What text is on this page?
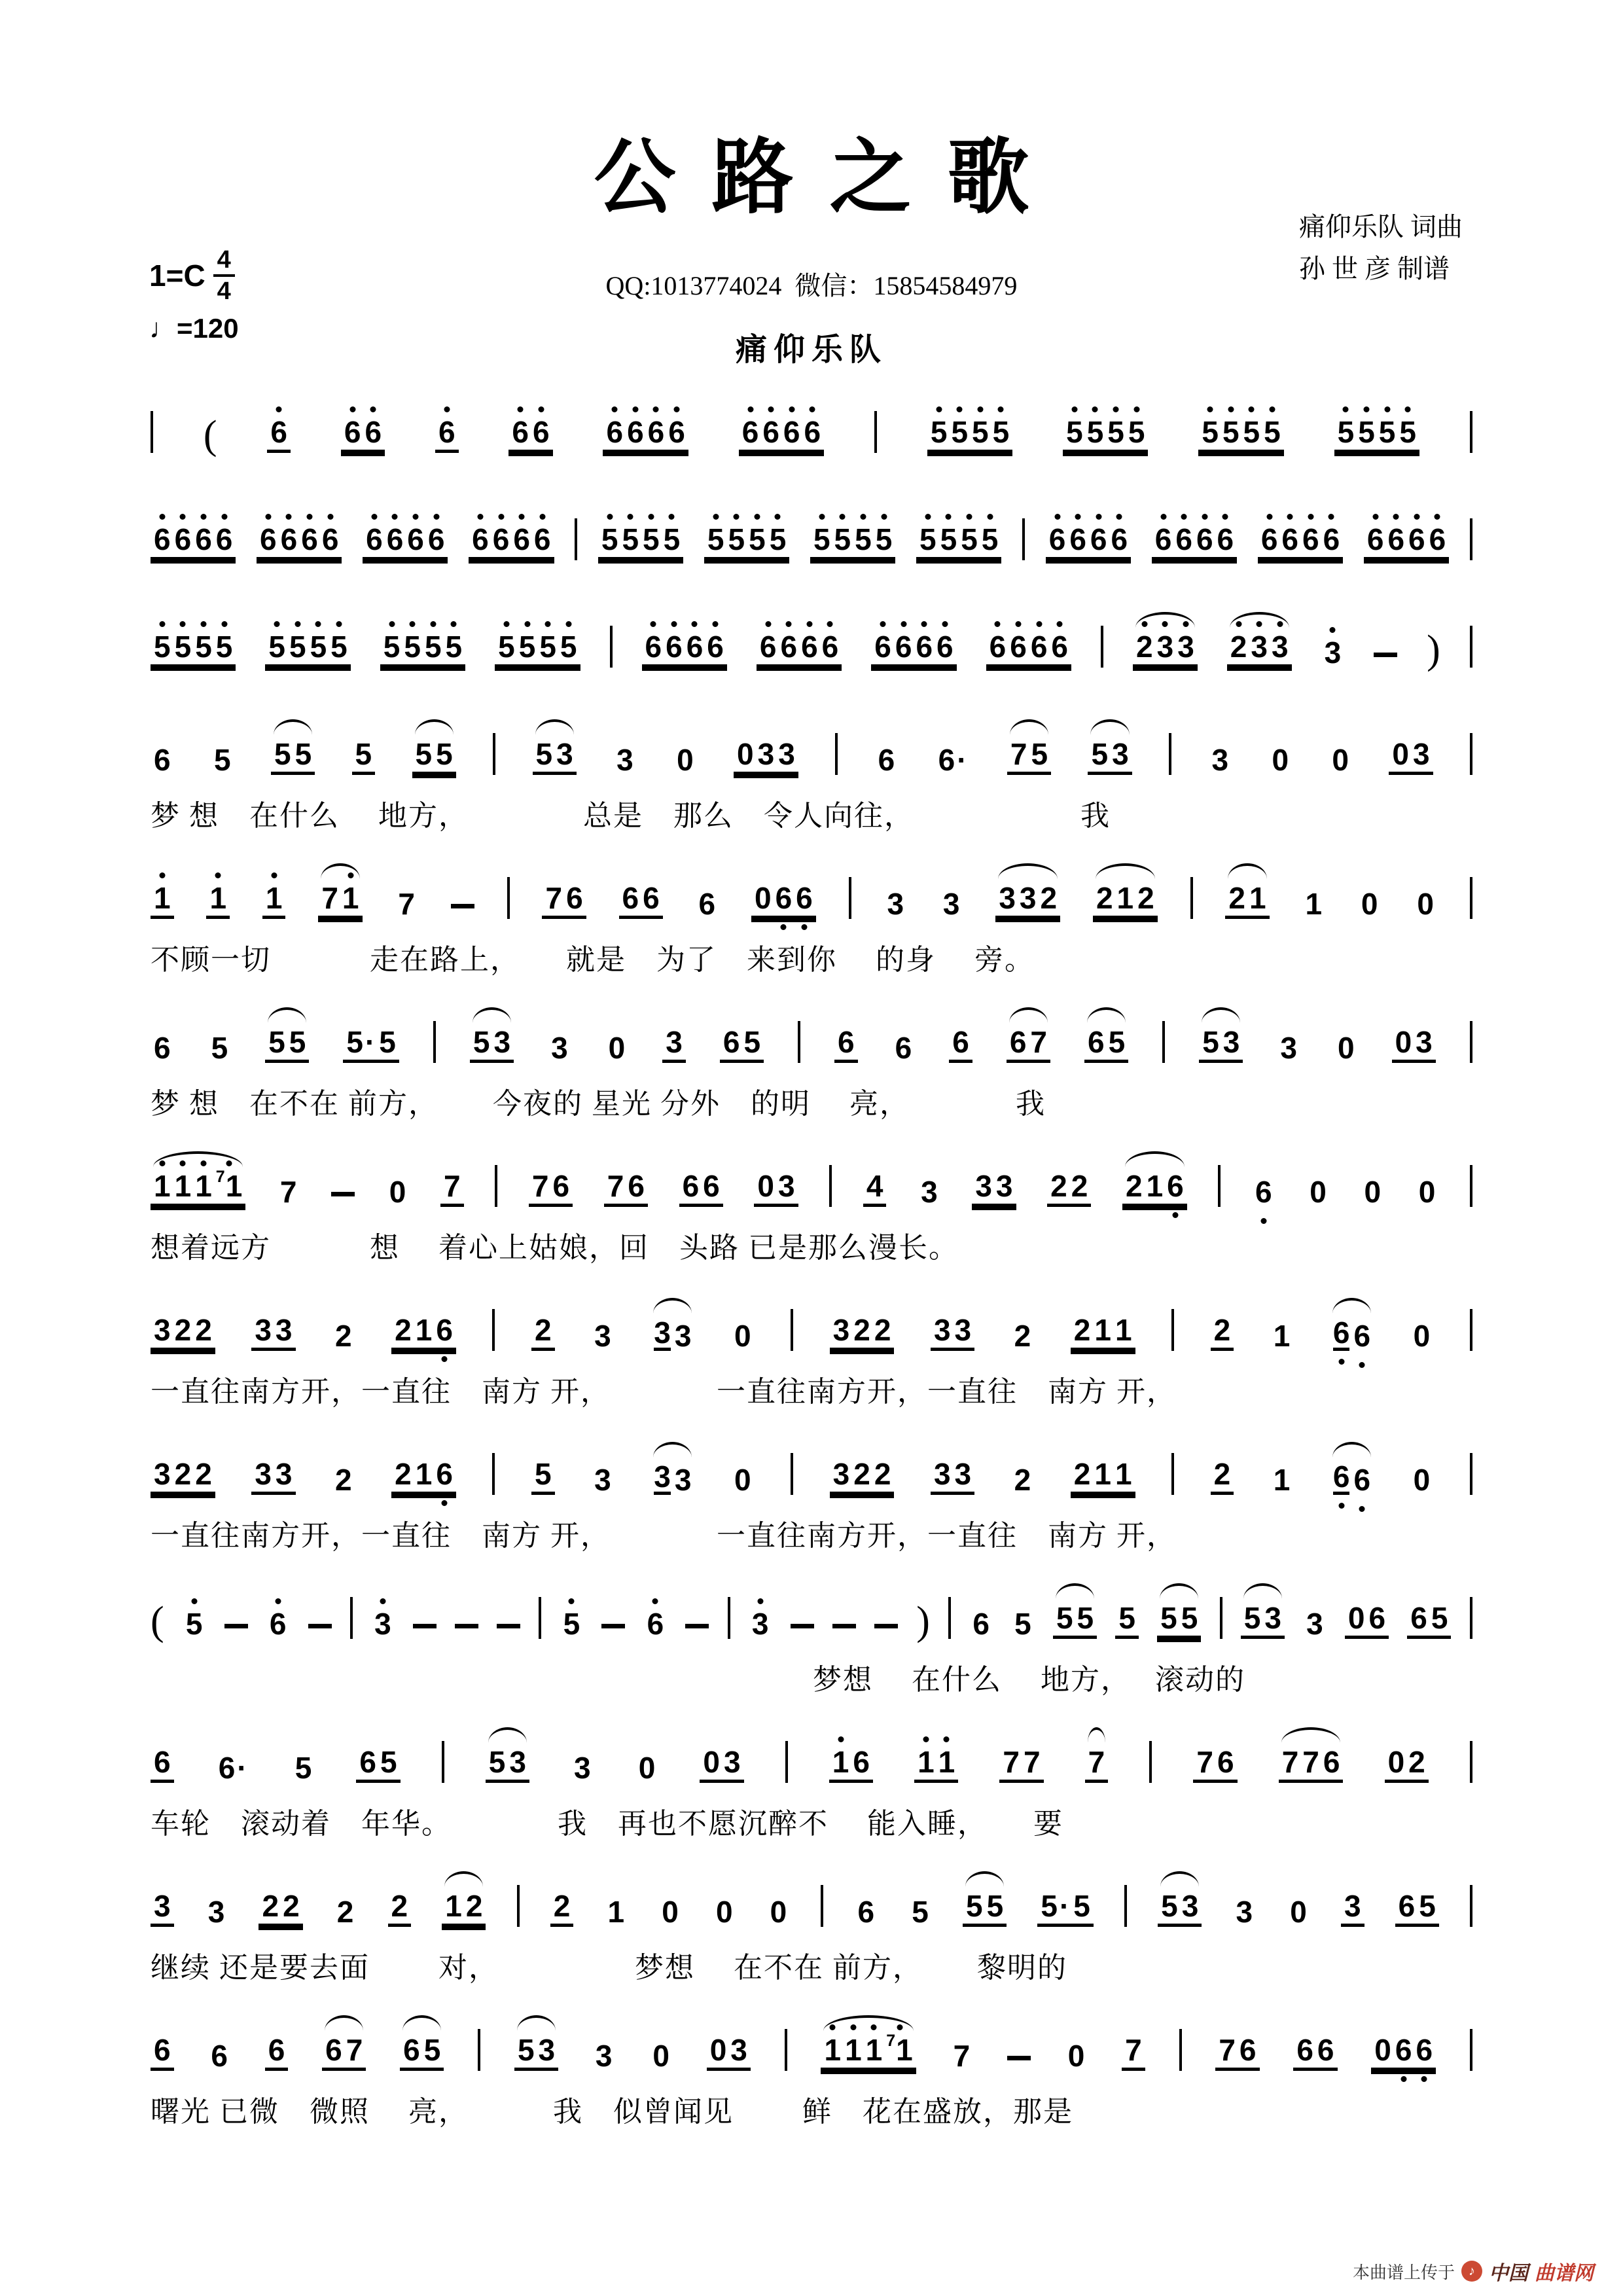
公路之歌
QQ:1013774024  微信：15854584979
痛仰乐队
$1=C \frac{4}{4}$
♩=120
痛仰乐队 词曲
孙 世 彦 制谱
( 6 6 6 6 6 6 6 6 6 6 6 6 6 6	5 5 5 5 5 5 5 5 5 5 5 5 5 5 5 5
6 6 6 6 6 6 6 6 6 6 6 6 6 6 6 6 5 5 5 5 5 5 5 5 5 5 5 5 5 5 5 5 6 6 6 6 6 6 6 6 6 6 6 6 6 6 6 6
5 5 5 5 5 5 5 5 5 5 5 5 5 5 5 5 6 6 6 6 6 6 6 6 6 6 6 6 6 6 6 6 2 3 3 2 3 3 3 )
6 5 5 5 5 5 5	5 3 3 0 0 3 3	6 6· 7 5 5 3	3 0 0 0 3
梦 想　在什么　 地方，　　　　 总是　那么　令人向往，　　　　　　我
1 1 1 7 1 7	7 6 6 6 6 0 6 6 3 3 3 3 2 2 1 2 2 1 1 0 0
不顾一切　　　 走在路上，　　就是　为了　来到你　 的身　 旁。
6 5 5 5 5· 5	5 3 3 0 3 6 5	6 6 6 6 7 6 5	5 3 3 0 0 3
梦 想　在不在 前方，　　 今夜的 星光 分外　的明　 亮，　　　　我
1 1 1 $^7$1 7	0 7 7 6 7 6 6 6 0 3 4 3 3 3 2 2 2 1 6 6 0 0 0
想着远方　　　 想　 着心上姑娘，回　头路 已是那么漫长。
3 2 2 3 3 2 2 1 6	2 3 3 3 0	3 2 2 3 3 2 2 1 1	2 1 6 6 0
一直往南方开，一直往　南方 开，　　　　一直往南方开，一直往　南方 开，
3 2 2 3 3 2 2 1 6	5 3 3 3 0	3 2 2 3 3 2 2 1 1	2 1 6 6 0
一直往南方开，一直往　南方 开，　　　　一直往南方开，一直往　南方 开，
( 5 6	3	5 6	3	) 6 5 5 5 5 5 5 5 3 3 0 6 6 5
　　　　　　　　　　　　　　　　　　　　　　梦想　 在什么　 地方，　 滚动的
6 6· 5 6 5	5 3 3 0 0 3	1 6 1 1 7 7 7	7 6 7 7 6 0 2
车轮　滚动着　年华。　　　　我　再也不愿沉醉不　 能入睡，　　要
3 3 2 2 2 2 1 2 2 1 0 0 0 6 5 5 5 5· 5 5 3 3 0 3 6 5
继续 还是要去面　　 对，　　　　　梦想　 在不在 前方，　　 黎明的
6 6 6 6 7 6 5	5 3 3 0 0 3	1 1 1 $^7$1 7	0 7	7 6 6 6 0 6 6
曙光 已微　微照　 亮，　　　 我　似曾闻见　　 鲜　花在盛放，那是
本曲谱上传于	♪ 中国 曲谱网
